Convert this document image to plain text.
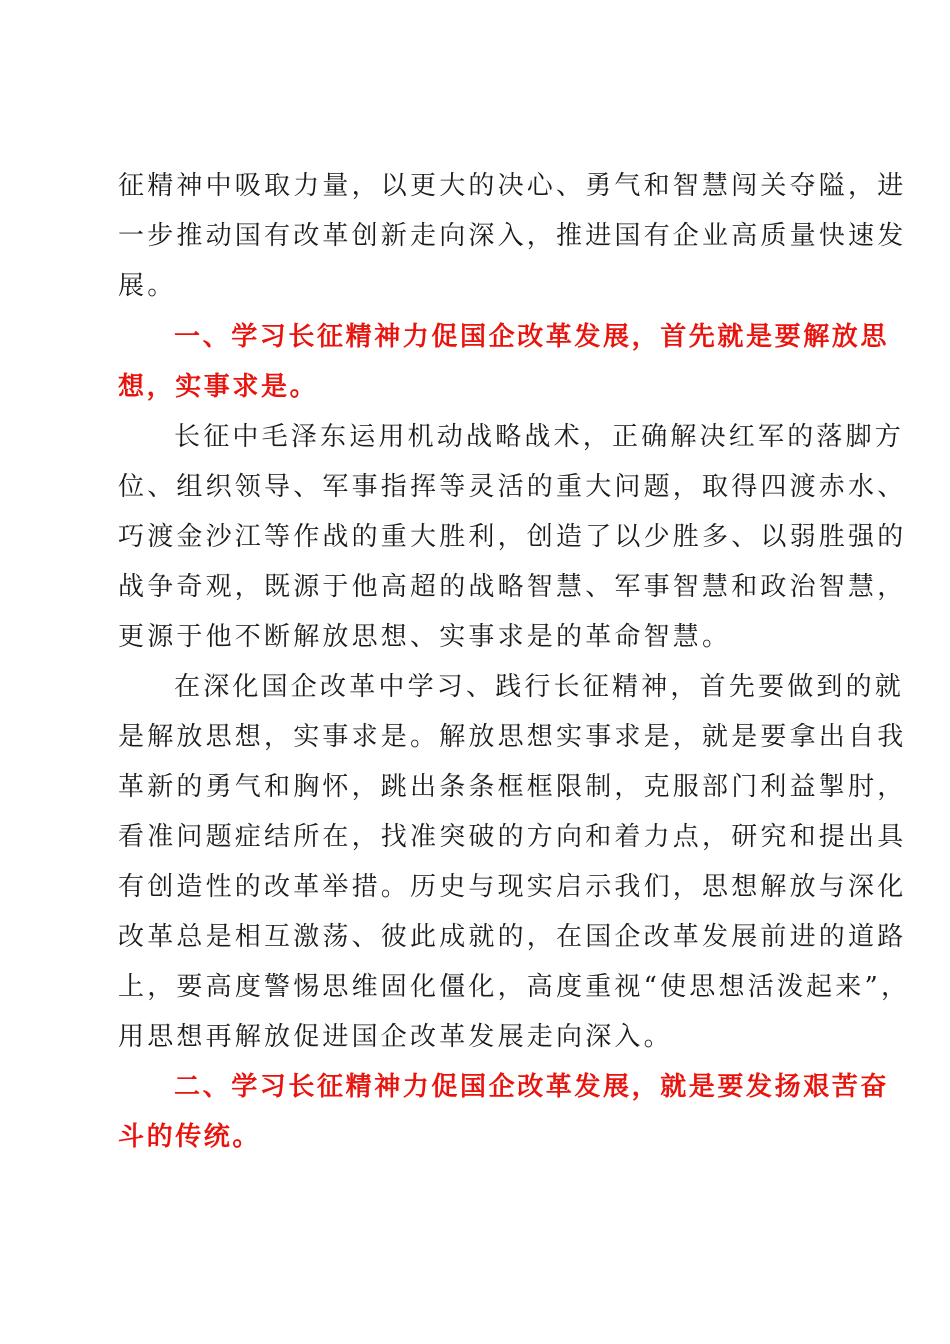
征精神中吸取力量，以更大的决心、勇气和智慧闯关夺隘，进
一步推动国有改革创新走向深入，推进国有企业高质量快速发
展。

一、学习长征精神力促国企改革发展，首先就是要解放思
想，实事求是。

长征中毛泽东运用机动战略战术，正确解决红军的落脚方
位、组织领导、军事指挥等灵活的重大问题，取得四渡赤水、
巧渡金沙江等作战的重大胜利，创造了以少胜多、以弱胜强的
战争奇观，既源于他高超的战略智慧、军事智慧和政治智慧，
更源于他不断解放思想、实事求是的革命智慧。

在深化国企改革中学习、践行长征精神，首先要做到的就
是解放思想，实事求是。解放思想实事求是，就是要拿出自我
革新的勇气和胸怀，跳出条条框框限制，克服部门利益掣肘，
看准问题症结所在，找准突破的方向和着力点，研究和提出具
有创造性的改革举措。历史与现实启示我们，思想解放与深化
改革总是相互激荡、彼此成就的，在国企改革发展前进的道路
上，要高度警惕思维固化僵化，高度重视“使思想活泼起来”，
用思想再解放促进国企改革发展走向深入。

二、学习长征精神力促国企改革发展，就是要发扬艰苦奋
斗的传统。
